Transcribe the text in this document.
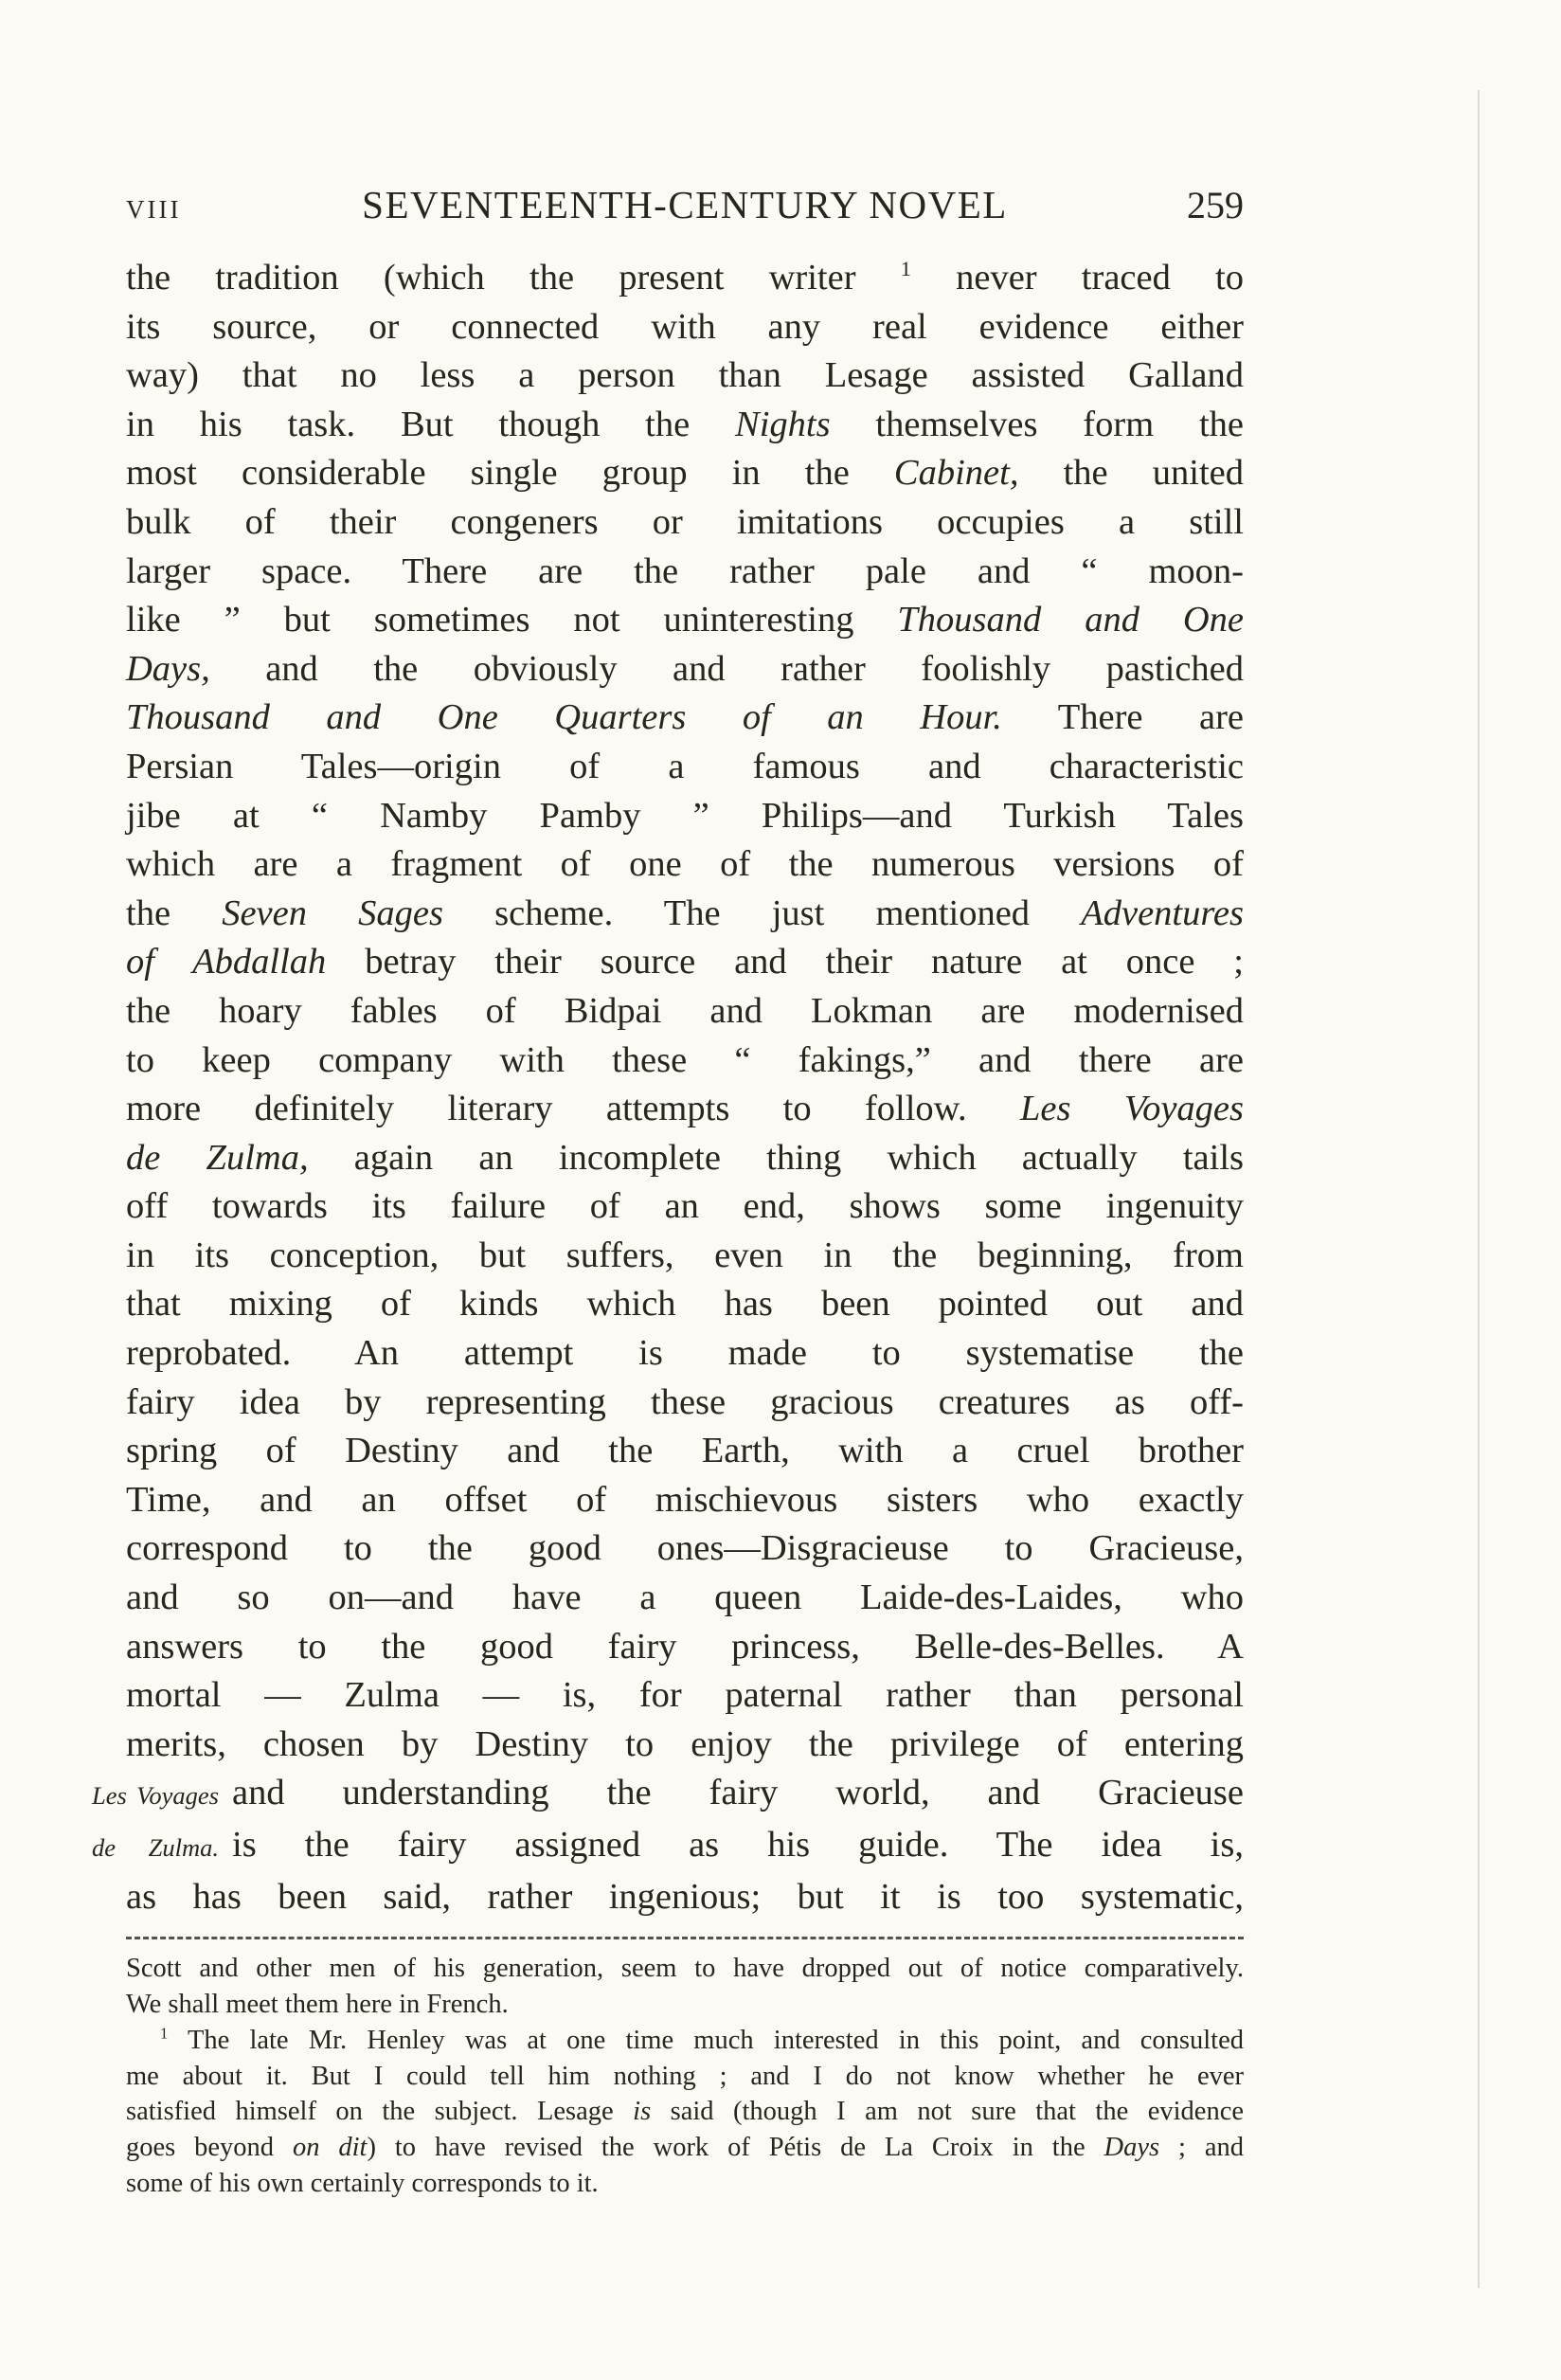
VIII	SEVENTEENTH-CENTURY NOVEL	259
the tradition (which the present writer $^1$ never traced to
its source, or connected with any real evidence either
way) that no less a person than Lesage assisted Galland
in his task. But though the Nights themselves form the
most considerable single group in the Cabinet, the united
bulk of their congeners or imitations occupies a still
larger space. There are the rather pale and “ moon-
like ” but sometimes not uninteresting Thousand and One
Days, and the obviously and rather foolishly pastiched
Thousand and One Quarters of an Hour. There are
Persian Tales—origin of a famous and characteristic
jibe at “ Namby Pamby ” Philips—and Turkish Tales
which are a fragment of one of the numerous versions of
the Seven Sages scheme. The just mentioned Adventures
of Abdallah betray their source and their nature at once ;
the hoary fables of Bidpai and Lokman are modernised
to keep company with these “ fakings,” and there are
more definitely literary attempts to follow. Les Voyages
de Zulma, again an incomplete thing which actually tails
off towards its failure of an end, shows some ingenuity
in its conception, but suffers, even in the beginning, from
that mixing of kinds which has been pointed out and
reprobated. An attempt is made to systematise the
fairy idea by representing these gracious creatures as off-
spring of Destiny and the Earth, with a cruel brother
Time, and an offset of mischievous sisters who exactly
correspond to the good ones—Disgracieuse to Gracieuse,
and so on—and have a queen Laide-des-Laides, who
answers to the good fairy princess, Belle-des-Belles. A
mortal — Zulma — is, for paternal rather than personal
merits, chosen by Destiny to enjoy the privilege of entering
Les Voyages and understanding the fairy world, and Gracieuse
de Zulma. is the fairy assigned as his guide. The idea is,
as has been said, rather ingenious; but it is too systematic,
Scott and other men of his generation, seem to have dropped out of notice comparatively.
We shall meet them here in French.
$^1$ The late Mr. Henley was at one time much interested in this point, and consulted
me about it. But I could tell him nothing ; and I do not know whether he ever
satisfied himself on the subject. Lesage is said (though I am not sure that the evidence
goes beyond on dit) to have revised the work of Pétis de La Croix in the Days ; and
some of his own certainly corresponds to it.
